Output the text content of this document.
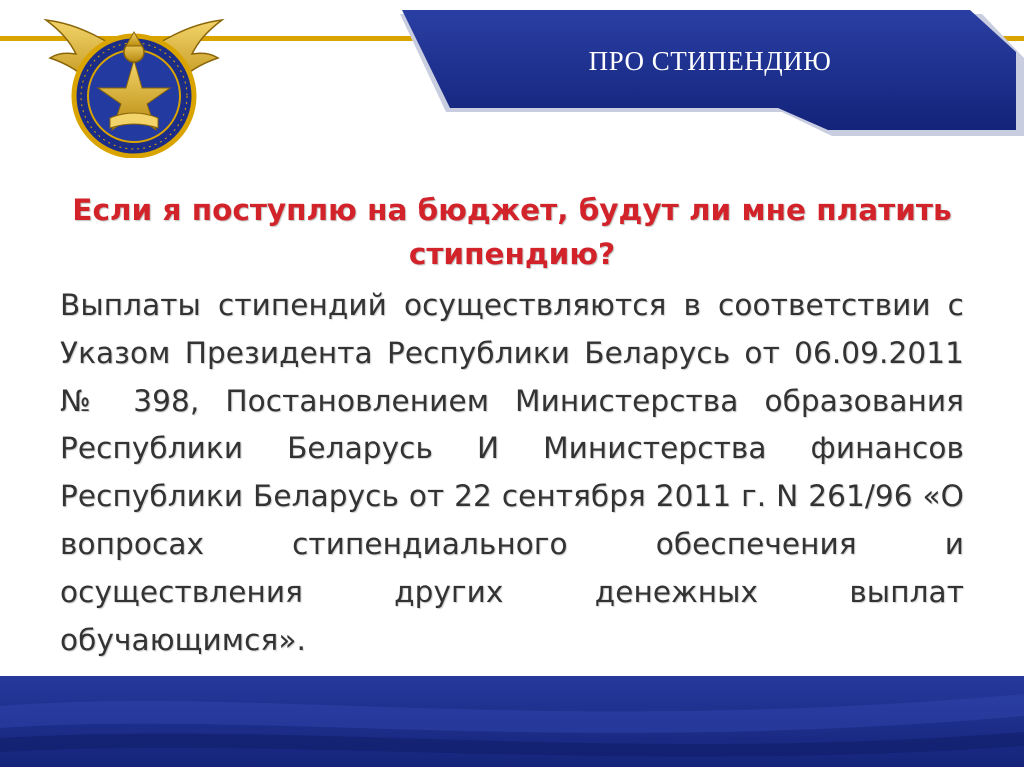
ПРО СТИПЕНДИЮ
Если я поступлю на бюджет, будут ли мне платить стипендию?
Выплаты стипендий осуществляются в соответствии с Указом Президента Республики Беларусь от 06.09.2011 № 398, Постановлением Министерства образования Республики Беларусь И Министерства финансов Республики Беларусь от 22 сентября 2011 г. N 261/96 «О вопросах стипендиального обеспечения и осуществления других денежных выплат обучающимся».
